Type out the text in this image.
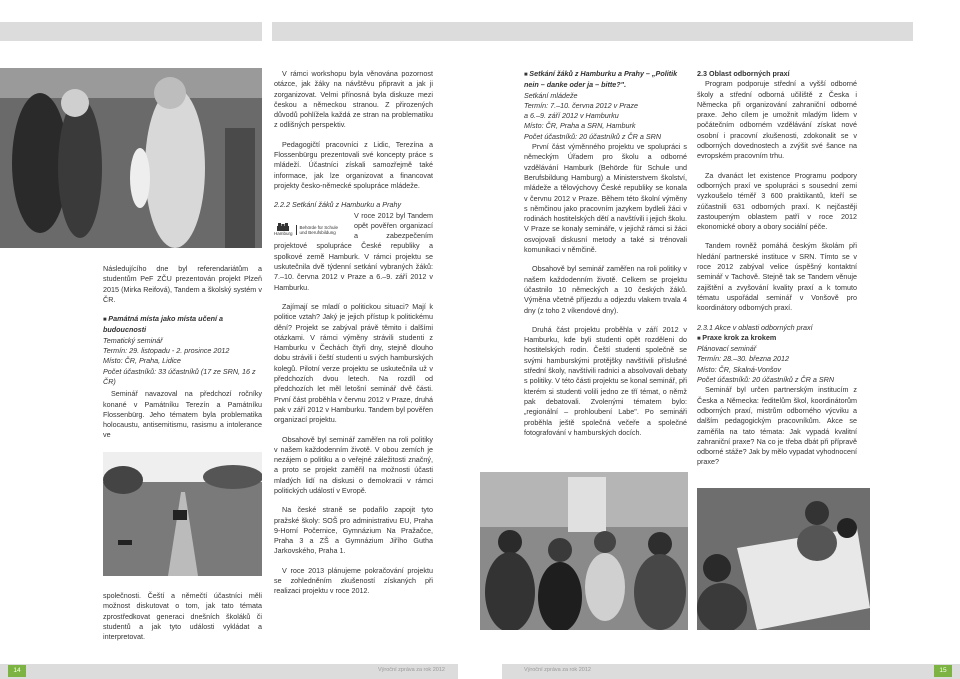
Následujícího dne byl referendariátům a studentům PeF ZČU prezentován projekt Plzeň 2015 (Mirka Reifová), Tandem a školský systém v ČR.

■ Památná místa jako místa učení a budoucnosti
Tematický seminář
Termín: 29. listopadu - 2. prosince 2012
Místo: ČR, Praha, Lidice
Počet účastníků: 33 účastníků (17 ze SRN, 16 z ČR)

Seminář navazoval na předchozí ročníky konané v Památníku Terezín a Památníku Flossenbürg. Jeho tématem byla problematika holocaustu, antisemitismu, rasismu a intolerance ve

společnosti. Čeští a němečtí účastníci měli možnost diskutovat o tom, jak tato témata zprostředkovat generaci dnešních školáků či studentů a jak tyto události vykládat a interpretovat.

V rámci workshopu byla věnována pozornost otázce, jak žáky na návštěvu připravit a jak ji zorganizovat. Velmi přínosná byla diskuze mezi českou a německou stranou. Z přirozených důvodů pohlížela každá ze stran na problematiku z odlišných perspektiv.

Pedagogičtí pracovníci z Lidic, Terezína a Flossenbürgu prezentovali své koncepty práce s mládeží. Účastníci získali samozřejmě také informace, jak lze organizovat a financovat projekty česko-německé spolupráce mládeže.

2.2.2 Setkání žáků z Hamburku a Prahy

V roce 2012 byl Tandem opět pověřen organizací a zabezpečením projektové spolupráce České republiky a spolkové země Hamburk. V rámci projektu se uskutečnila dvě týdenní setkání vybraných žáků: 7.–10. června 2012 v Praze a 6.–9. září 2012 v Hamburku.

Zajímají se mladí o politickou situaci? Mají k politice vztah? Jaký je jejich přístup k politickému dění? Projekt se zabýval právě těmito i dalšími otázkami. V rámci výměny strávili studenti z Hamburku v Čechách čtyři dny, stejně dlouho dobu strávili i čeští studenti u svých hamburských kolegů. Pilotní verze projektu se uskutečnila už v předchozích dvou letech. Na rozdíl od předchozích let měl letošní seminář dvě části. První část proběhla v červnu 2012 v Praze, druhá pak v září 2012 v Hamburku. Tandem byl pověřen organizací projektu.

Obsahově byl seminář zaměřen na roli politiky v našem každodenním životě. V obou zemích je nezájem o politiku a o veřejné záležitosti značný, a proto se projekt zaměřil na možnosti účasti mladých lidí na diskusi o demokracii v rámci politických událostí v Evropě.

Na české straně se podařilo zapojit tyto pražské školy: SOŠ pro administrativu EU, Praha 9-Horní Počernice, Gymnázium Na Pražačce, Praha 3 a ZŠ a Gymnázium Jiřího Gutha Jarkovského, Praha 1.

V roce 2013 plánujeme pokračování projektu se zohledněním zkušeností získaných při realizaci projektu v roce 2012.

Hamburg
Behörde für Schule
und Berufsbildung
■ Setkání žáků z Hamburku a Prahy – „Politik nein – danke oder ja – bitte?".
Setkání mládeže
Termín: 7.–10. června 2012 v Praze
a 6.–9. září 2012 v Hamburku
Místo: ČR, Praha a SRN, Hamburk
Počet účastníků: 20 účastníků z ČR a SRN

První část výměnného projektu ve spolupráci s německým Úřadem pro školu a odborné vzdělávání Hamburk (Behörde für Schule und Berufsbildung Hamburg) a Ministerstvem školství, mládeže a tělovýchovy České republiky se konala v červnu 2012 v Praze. Během této školní výměny s němčinou jako pracovním jazykem bydleli žáci v rodinách hostitelských dětí a navštívili i jejich školu. V Praze se konaly semináře, v jejichž rámci si žáci osvojovali diskusní metody a také si trénovali komunikaci v němčině.

Obsahově byl seminář zaměřen na roli politiky v našem každodenním životě. Celkem se projektu účastnilo 10 německých a 10 českých žáků. Výměna včetně příjezdu a odjezdu vlakem trvala 4 dny (z toho 2 víkendové dny).

Druhá část projektu proběhla v září 2012 v Hamburku, kde byli studenti opět rozděleni do hostitelských rodin. Čeští studenti společně se svými hamburskými protějšky navštívili příslušné střední školy, navštívili radnici a absolvovali debaty s politiky. V této části projektu se konal seminář, při kterém si studenti volili jedno ze tří témat, o němž pak debatovali. Zvolenými tématem bylo: „regionální – prohloubení Labe". Po semináři proběhla ještě společná večeře a společné fotografování v hamburských docích.

2.3 Oblast odborných praxí

Program podporuje střední a vyšší odborné školy a střední odborná učiliště z Česka i Německa při organizování zahraniční odborné praxe. Jeho cílem je umožnit mladým lidem v počátečním odborném vzdělávání získat nové osobní i pracovní zkušenosti, zdokonalit se v odborných dovednostech a zvýšit své šance na evropském pracovním trhu.

Za dvanáct let existence Programu podpory odborných praxí ve spolupráci s sousední zemi vyzkoušelo téměř 3 600 praktikantů, kteří se zúčastnili 631 odborných praxí. K nejčastěji zastoupeným oblastem patří v roce 2012 ekonomické obory a obory sociální péče.

Tandem rovněž pomáhá českým školám při hledání partnerské instituce v SRN. Tímto se v roce 2012 zabýval velice úspěšný kontaktní seminář v Tachově. Stejně tak se Tandem věnuje zajištění a zvyšování kvality praxí a k tomuto tématu uspořádal seminář v Vonšově pro koordinátory odborných praxí.

2.3.1 Akce v oblasti odborných praxí
■ Praxe krok za krokem
Plánovací seminář
Termín: 28.–30. března 2012
Místo: ČR, Skalná-Vonšov
Počet účastníků: 20 účastníků z ČR a SRN

Seminář byl určen partnerským institucím z Česka a Německa: ředitelům škol, koordinátorům odborných praxí, mistrům odborného výcviku a dalším pedagogickým pracovníkům. Akce se zaměřila na tato témata: Jak vypadá kvalitní zahraniční praxe? Na co je třeba dbát při přípravě odborné stáže? Jak by mělo vypadat vyhodnocení praxe?

14	15
Výroční zpráva za rok 2012	Výroční zpráva za rok 2012
